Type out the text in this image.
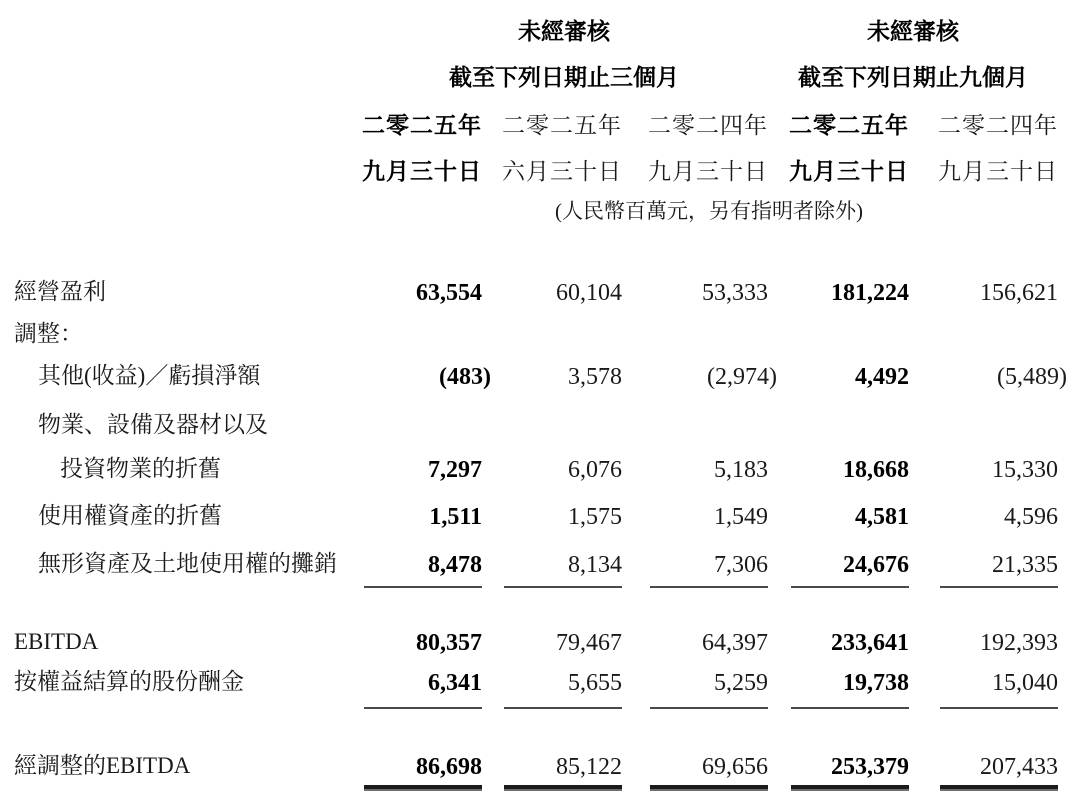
未經審核	未經審核
截至下列日期止三個月	截至下列日期止九個月
二零二五年 二零二五年	二零二四年 二零二五年	二零二四年
九月三十日 六月三十日	九月三十日 九月三十日	九月三十日
(人民幣百萬元，另有指明者除外)
經營盈利	63,554	60,104	53,333	181,224	156,621
調整：
其他(收益)／虧損淨額	(483)	3,578	(2,974)	4,492	(5,489)
物業、設備及器材以及
投資物業的折舊	7,297	6,076	5,183	18,668	15,330
使用權資產的折舊	1,511	1,575	1,549	4,581	4,596
無形資產及土地使用權的攤銷	8,478	8,134	7,306	24,676	21,335
EBITDA	80,357	79,467	64,397	233,641	192,393
按權益結算的股份酬金	6,341	5,655	5,259	19,738	15,040
經調整的EBITDA	86,698	85,122	69,656	253,379	207,433
